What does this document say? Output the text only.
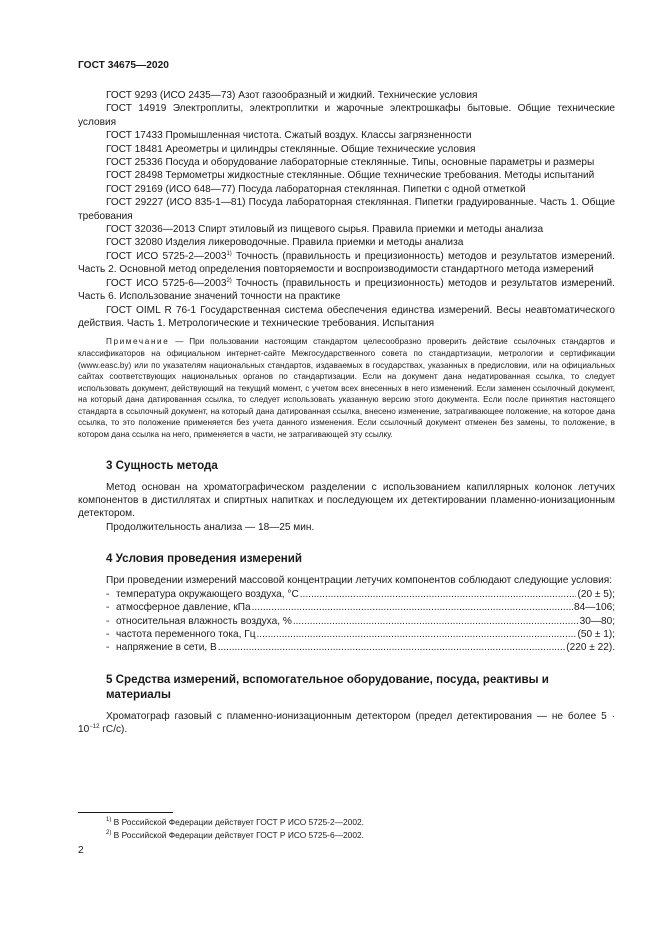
ГОСТ 34675—2020

ГОСТ 9293 (ИСО 2435—73) Азот газообразный и жидкий. Технические условия

ГОСТ 14919 Электроплиты, электроплитки и жарочные электрошкафы бытовые. Общие технические условия

ГОСТ 17433 Промышленная чистота. Сжатый воздух. Классы загрязненности

ГОСТ 18481 Ареометры и цилиндры стеклянные. Общие технические условия

ГОСТ 25336 Посуда и оборудование лабораторные стеклянные. Типы, основные параметры и размеры

ГОСТ 28498 Термометры жидкостные стеклянные. Общие технические требования. Методы испытаний

ГОСТ 29169 (ИСО 648—77) Посуда лабораторная стеклянная. Пипетки с одной отметкой

ГОСТ 29227 (ИСО 835-1—81) Посуда лабораторная стеклянная. Пипетки градуированные. Часть 1. Общие требования

ГОСТ 32036—2013 Спирт этиловый из пищевого сырья. Правила приемки и методы анализа

ГОСТ 32080 Изделия ликероводочные. Правила приемки и методы анализа

ГОСТ ИСО 5725-2—2003$^{1)}$ Точность (правильность и прецизионность) методов и результатов измерений. Часть 2. Основной метод определения повторяемости и воспроизводимости стандартного метода измерений

ГОСТ ИСО 5725-6—2003$^{2)}$ Точность (правильность и прецизионность) методов и результатов измерений. Часть 6. Использование значений точности на практике

ГОСТ OIML R 76-1 Государственная система обеспечения единства измерений. Весы неавтоматического действия. Часть 1. Метрологические и технические требования. Испытания

Примечание — При пользовании настоящим стандартом целесообразно проверить действие ссылочных стандартов и классификаторов на официальном интернет-сайте Межгосударственного совета по стандартизации, метрологии и сертификации (www.easc.by) или по указателям национальных стандартов, издаваемых в государствах, указанных в предисловии, или на официальных сайтах соответствующих национальных органов по стандартизации. Если на документ дана недатированная ссылка, то следует использовать документ, действующий на текущий момент, с учетом всех внесенных в него изменений. Если заменен ссылочный документ, на который дана датированная ссылка, то следует использовать указанную версию этого документа. Если после принятия настоящего стандарта в ссылочный документ, на который дана датированная ссылка, внесено изменение, затрагивающее положение, на которое дана ссылка, то это положение применяется без учета данного изменения. Если ссылочный документ отменен без замены, то положение, в котором дана ссылка на него, применяется в части, не затрагивающей эту ссылку.

3 Сущность метода

Метод основан на хроматографическом разделении с использованием капиллярных колонок летучих компонентов в дистиллятах и спиртных напитках и последующем их детектировании пламенно-ионизационным детектором.

Продолжительность анализа — 18—25 мин.

4 Условия проведения измерений

При проведении измерений массовой концентрации летучих компонентов соблюдают следующие условия:

- температура окружающего воздуха, °С .....	(20 ± 5);
- атмосферное давление, кПа .....	84—106;
- относительная влажность воздуха, % .....	30—80;
- частота переменного тока, Гц .....	(50 ± 1);
- напряжение в сети, В .....	(220 ± 22).
5 Средства измерений, вспомогательное оборудование, посуда, реактивы и материалы

Хроматограф газовый с пламенно-ионизационным детектором (предел детектирования — не более $5 \cdot 10^{-12}$ гС/с).

$^{1)}$ В Российской Федерации действует ГОСТ Р ИСО 5725-2—2002.
$^{2)}$ В Российской Федерации действует ГОСТ Р ИСО 5725-6—2002.
2
